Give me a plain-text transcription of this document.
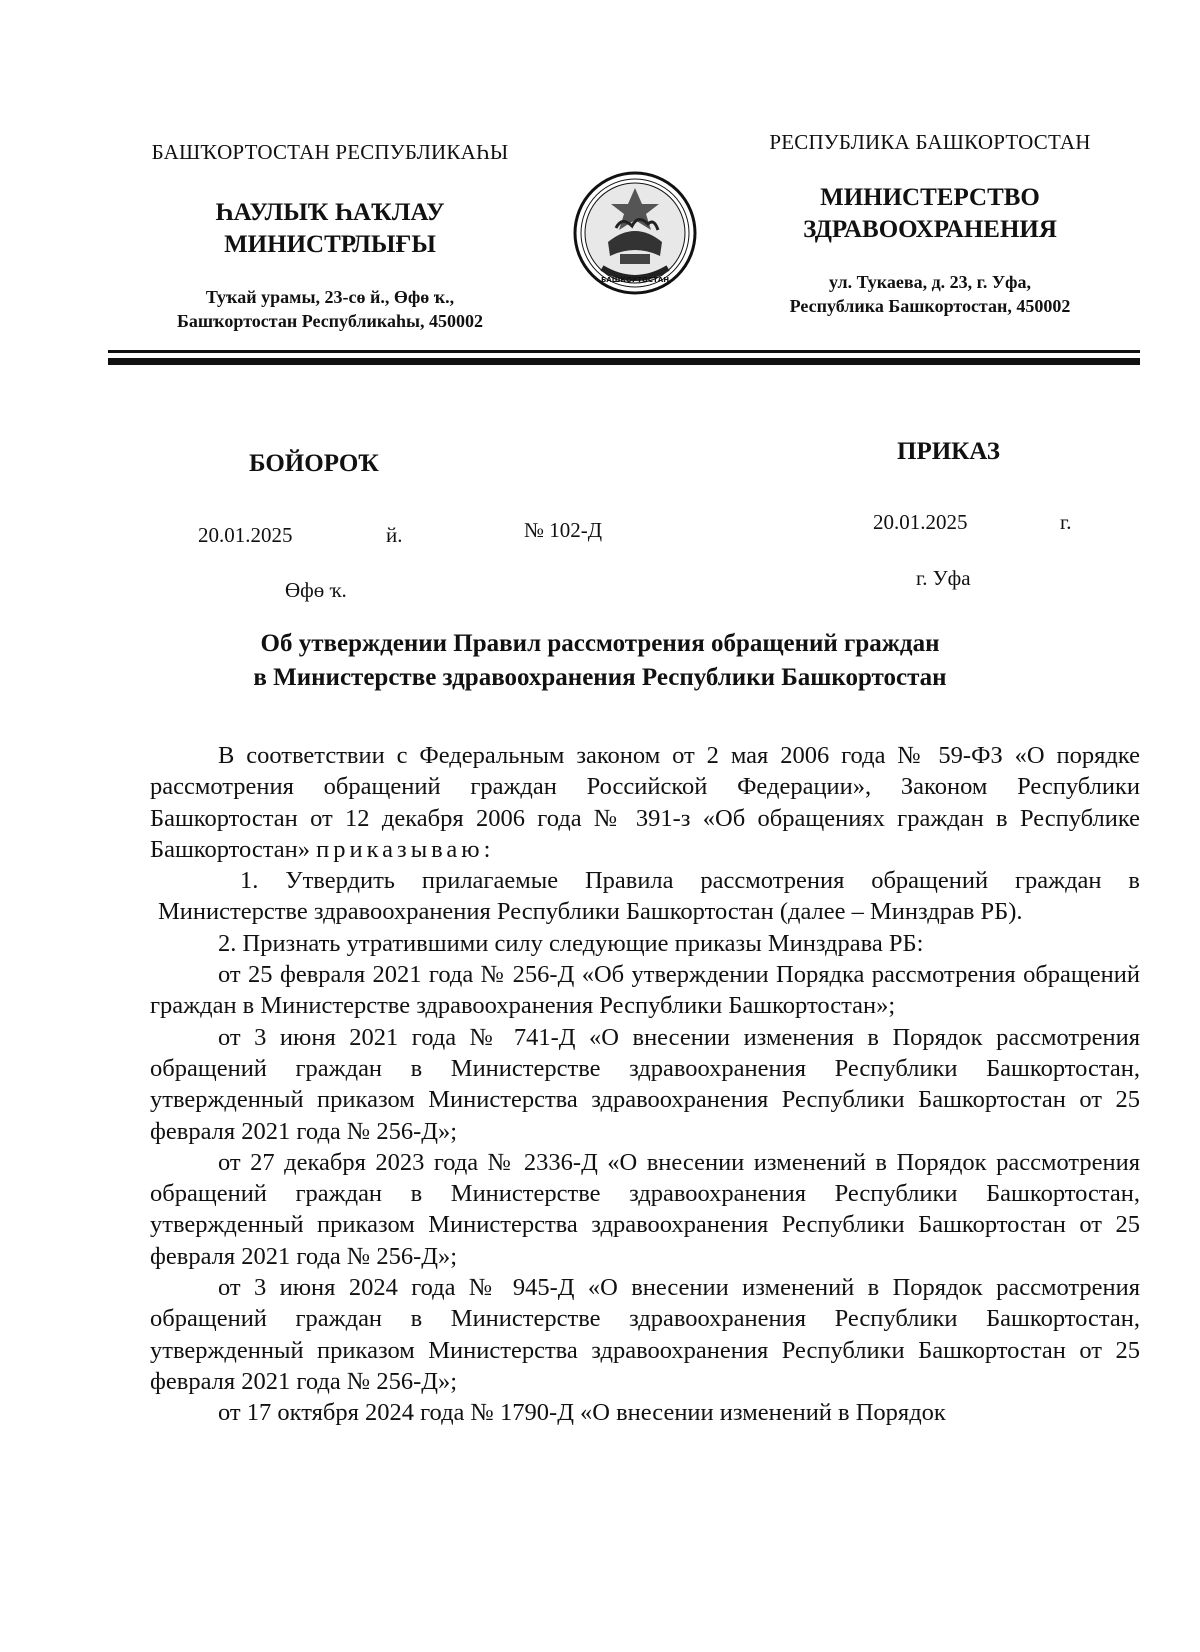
БАШҠОРТОСТАН РЕСПУБЛИКАҺЫ
ҺАУЛЫҠ ҺАҠЛАУ
МИНИСТРЛЫҒЫ
Туҡай урамы, 23-сө й., Өфө ҡ.,
Башҡортостан Республикаһы, 450002
БАШКОРТОСТАН
РЕСПУБЛИКА БАШКОРТОСТАН
МИНИСТЕРСТВО
ЗДРАВООХРАНЕНИЯ
ул. Тукаева, д. 23, г. Уфа,
Республика Башкортостан, 450002
БОЙОРОҠ	ПРИКАЗ
20.01.2025	й.	№ 102-Д	20.01.2025	г.
Өфө ҡ.	г. Уфа
Об утверждении Правил рассмотрения обращений граждан
в Министерстве здравоохранения Республики Башкортостан

В соответствии с Федеральным законом от 2 мая 2006 года № 59-ФЗ «О порядке рассмотрения обращений граждан Российской Федерации», Законом Республики Башкортостан от 12 декабря 2006 года № 391-з «Об обращениях граждан в Республике Башкортостан» приказываю:

1. Утвердить прилагаемые Правила рассмотрения обращений граждан в Министерстве здравоохранения Республики Башкортостан (далее – Минздрав РБ).

2. Признать утратившими силу следующие приказы Минздрава РБ:

от 25 февраля 2021 года № 256-Д «Об утверждении Порядка рассмотрения обращений граждан в Министерстве здравоохранения Республики Башкортостан»;

от 3 июня 2021 года № 741-Д «О внесении изменения в Порядок рассмотрения обращений граждан в Министерстве здравоохранения Республики Башкортостан, утвержденный приказом Министерства здравоохранения Республики Башкортостан от 25 февраля 2021 года № 256-Д»;

от 27 декабря 2023 года № 2336-Д «О внесении изменений в Порядок рассмотрения обращений граждан в Министерстве здравоохранения Республики Башкортостан, утвержденный приказом Министерства здравоохранения Республики Башкортостан от 25 февраля 2021 года № 256-Д»;

от 3 июня 2024 года № 945-Д «О внесении изменений в Порядок рассмотрения обращений граждан в Министерстве здравоохранения Республики Башкортостан, утвержденный приказом Министерства здравоохранения Республики Башкортостан от 25 февраля 2021 года № 256-Д»;

от 17 октября 2024 года № 1790-Д «О внесении изменений в Порядок
